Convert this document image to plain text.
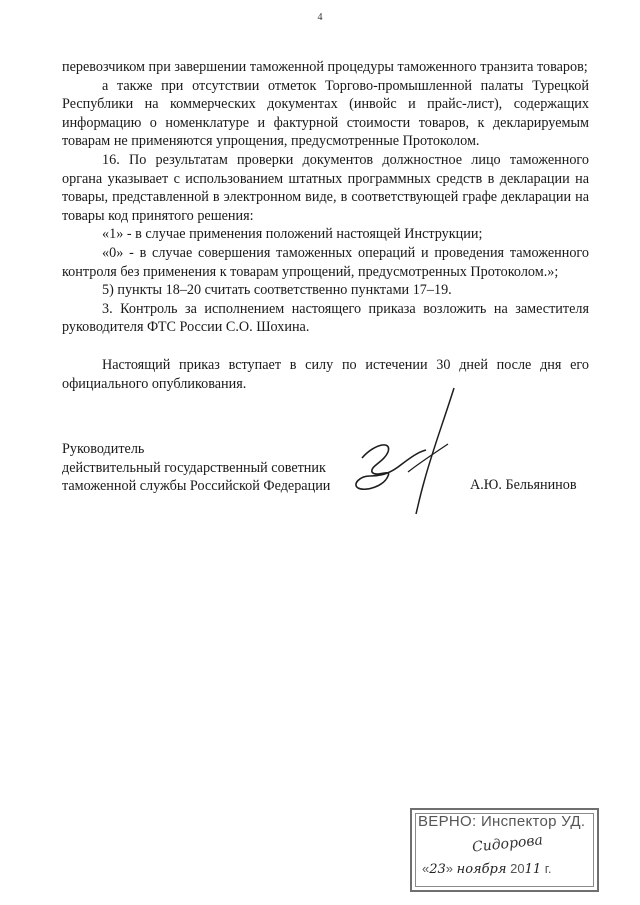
4

перевозчиком при завершении таможенной процедуры таможенного транзита товаров;

а также при отсутствии отметок Торгово-промышленной палаты Турецкой Республики на коммерческих документах (инвойс и прайс-лист), содержащих информацию о номенклатуре и фактурной стоимости товаров, к декларируемым товарам не применяются упрощения, предусмотренные Протоколом.

16. По результатам проверки документов должностное лицо таможенного органа указывает с использованием штатных программных средств в декларации на товары, представленной в электронном виде, в соответствующей графе декларации на товары код принятого решения:

«1» - в случае применения положений настоящей Инструкции;

«0» - в случае совершения таможенных операций и проведения таможенного контроля без применения к товарам упрощений, предусмотренных Протоколом.»;

5) пункты 18–20 считать соответственно пунктами 17–19.

3. Контроль за исполнением настоящего приказа возложить на заместителя руководителя ФТС России С.О. Шохина.

Настоящий приказ вступает в силу по истечении 30 дней после дня его официального опубликования.

Руководитель
действительный государственный советник
таможенной службы Российской Федерации	А.Ю. Бельянинов
ВЕРНО: Инспектор УД.
Сидорова
«23» ноября 2011 г.
